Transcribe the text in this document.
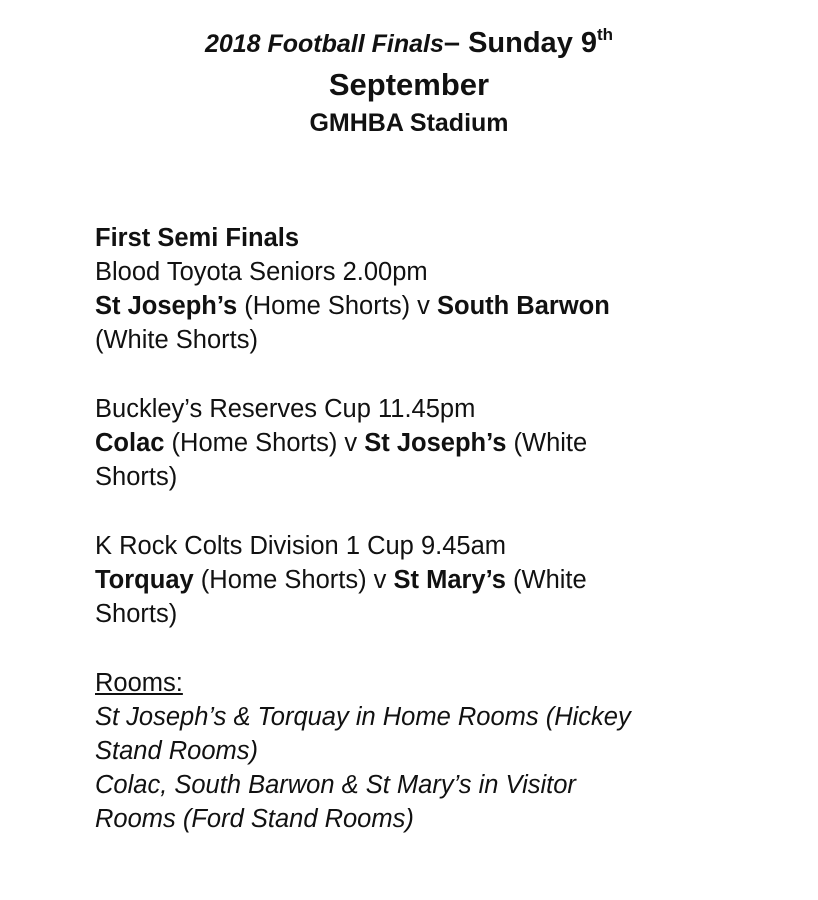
2018 Football Finals– Sunday 9th
September
GMHBA Stadium
First Semi Finals
Blood Toyota Seniors 2.00pm
St Joseph’s (Home Shorts) v South Barwon
(White Shorts)
Buckley’s Reserves Cup 11.45pm
Colac (Home Shorts) v St Joseph’s (White
Shorts)
K Rock Colts Division 1 Cup 9.45am
Torquay (Home Shorts) v St Mary’s (White
Shorts)
Rooms:
St Joseph’s & Torquay in Home Rooms (Hickey
Stand Rooms)
Colac, South Barwon & St Mary’s in Visitor
Rooms (Ford Stand Rooms)
